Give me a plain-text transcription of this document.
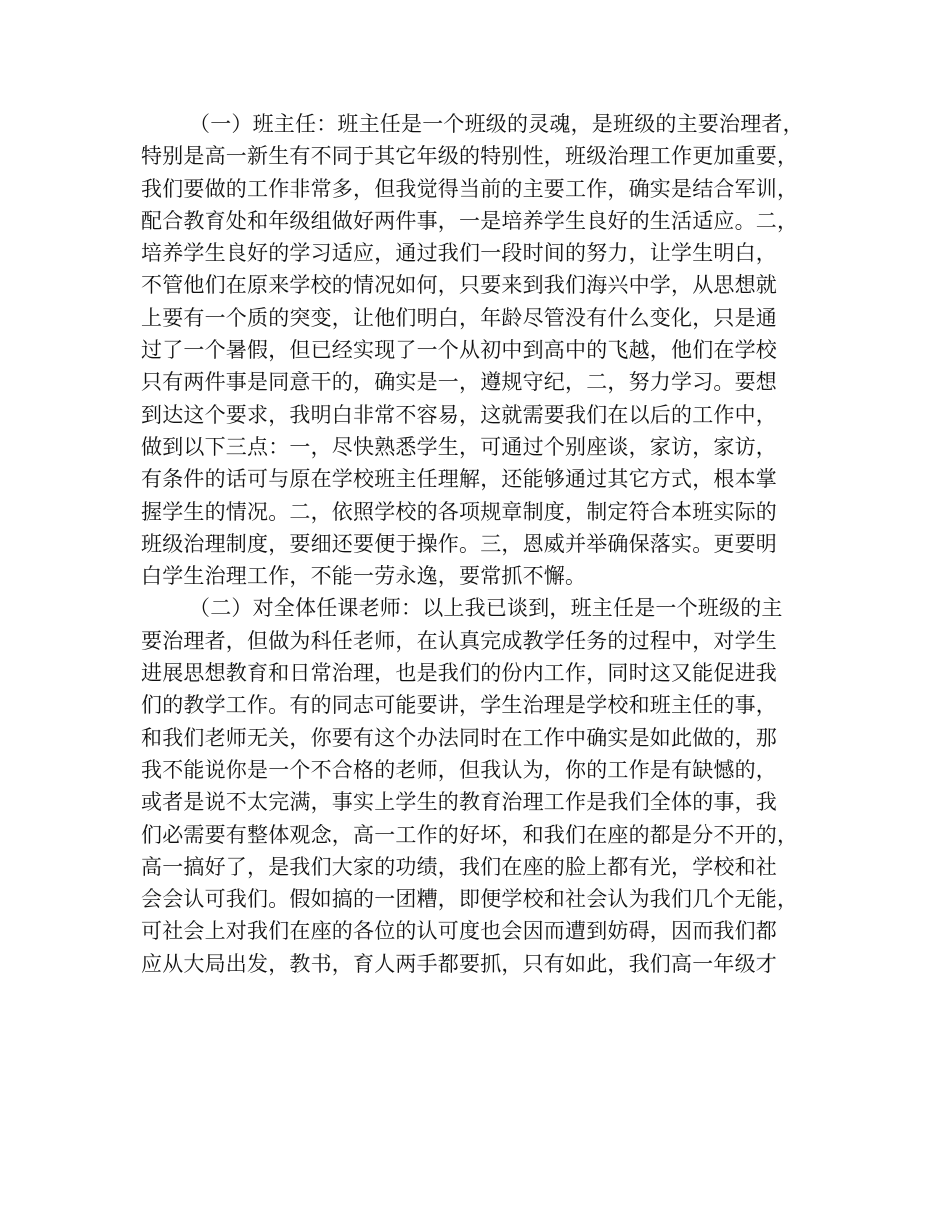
（一）班主任：班主任是一个班级的灵魂，是班级的主要治理者，
特别是高一新生有不同于其它年级的特别性，班级治理工作更加重要，
我们要做的工作非常多，但我觉得当前的主要工作，确实是结合军训，
配合教育处和年级组做好两件事，一是培养学生良好的生活适应。二，
培养学生良好的学习适应，通过我们一段时间的努力，让学生明白，
不管他们在原来学校的情况如何，只要来到我们海兴中学，从思想就
上要有一个质的突变，让他们明白，年龄尽管没有什么变化，只是通
过了一个暑假，但已经实现了一个从初中到高中的飞越，他们在学校
只有两件事是同意干的，确实是一，遵规守纪，二，努力学习。要想
到达这个要求，我明白非常不容易，这就需要我们在以后的工作中，
做到以下三点：一，尽快熟悉学生，可通过个别座谈，家访，家访，
有条件的话可与原在学校班主任理解，还能够通过其它方式，根本掌
握学生的情况。二，依照学校的各项规章制度，制定符合本班实际的
班级治理制度，要细还要便于操作。三，恩威并举确保落实。更要明
白学生治理工作，不能一劳永逸，要常抓不懈。
（二）对全体任课老师：以上我已谈到，班主任是一个班级的主
要治理者，但做为科任老师，在认真完成教学任务的过程中，对学生
进展思想教育和日常治理，也是我们的份内工作，同时这又能促进我
们的教学工作。有的同志可能要讲，学生治理是学校和班主任的事，
和我们老师无关，你要有这个办法同时在工作中确实是如此做的，那
我不能说你是一个不合格的老师，但我认为，你的工作是有缺憾的，
或者是说不太完满，事实上学生的教育治理工作是我们全体的事，我
们必需要有整体观念，高一工作的好坏，和我们在座的都是分不开的，
高一搞好了，是我们大家的功绩，我们在座的脸上都有光，学校和社
会会认可我们。假如搞的一团糟，即便学校和社会认为我们几个无能，
可社会上对我们在座的各位的认可度也会因而遭到妨碍，因而我们都
应从大局出发，教书，育人两手都要抓，只有如此，我们高一年级才
